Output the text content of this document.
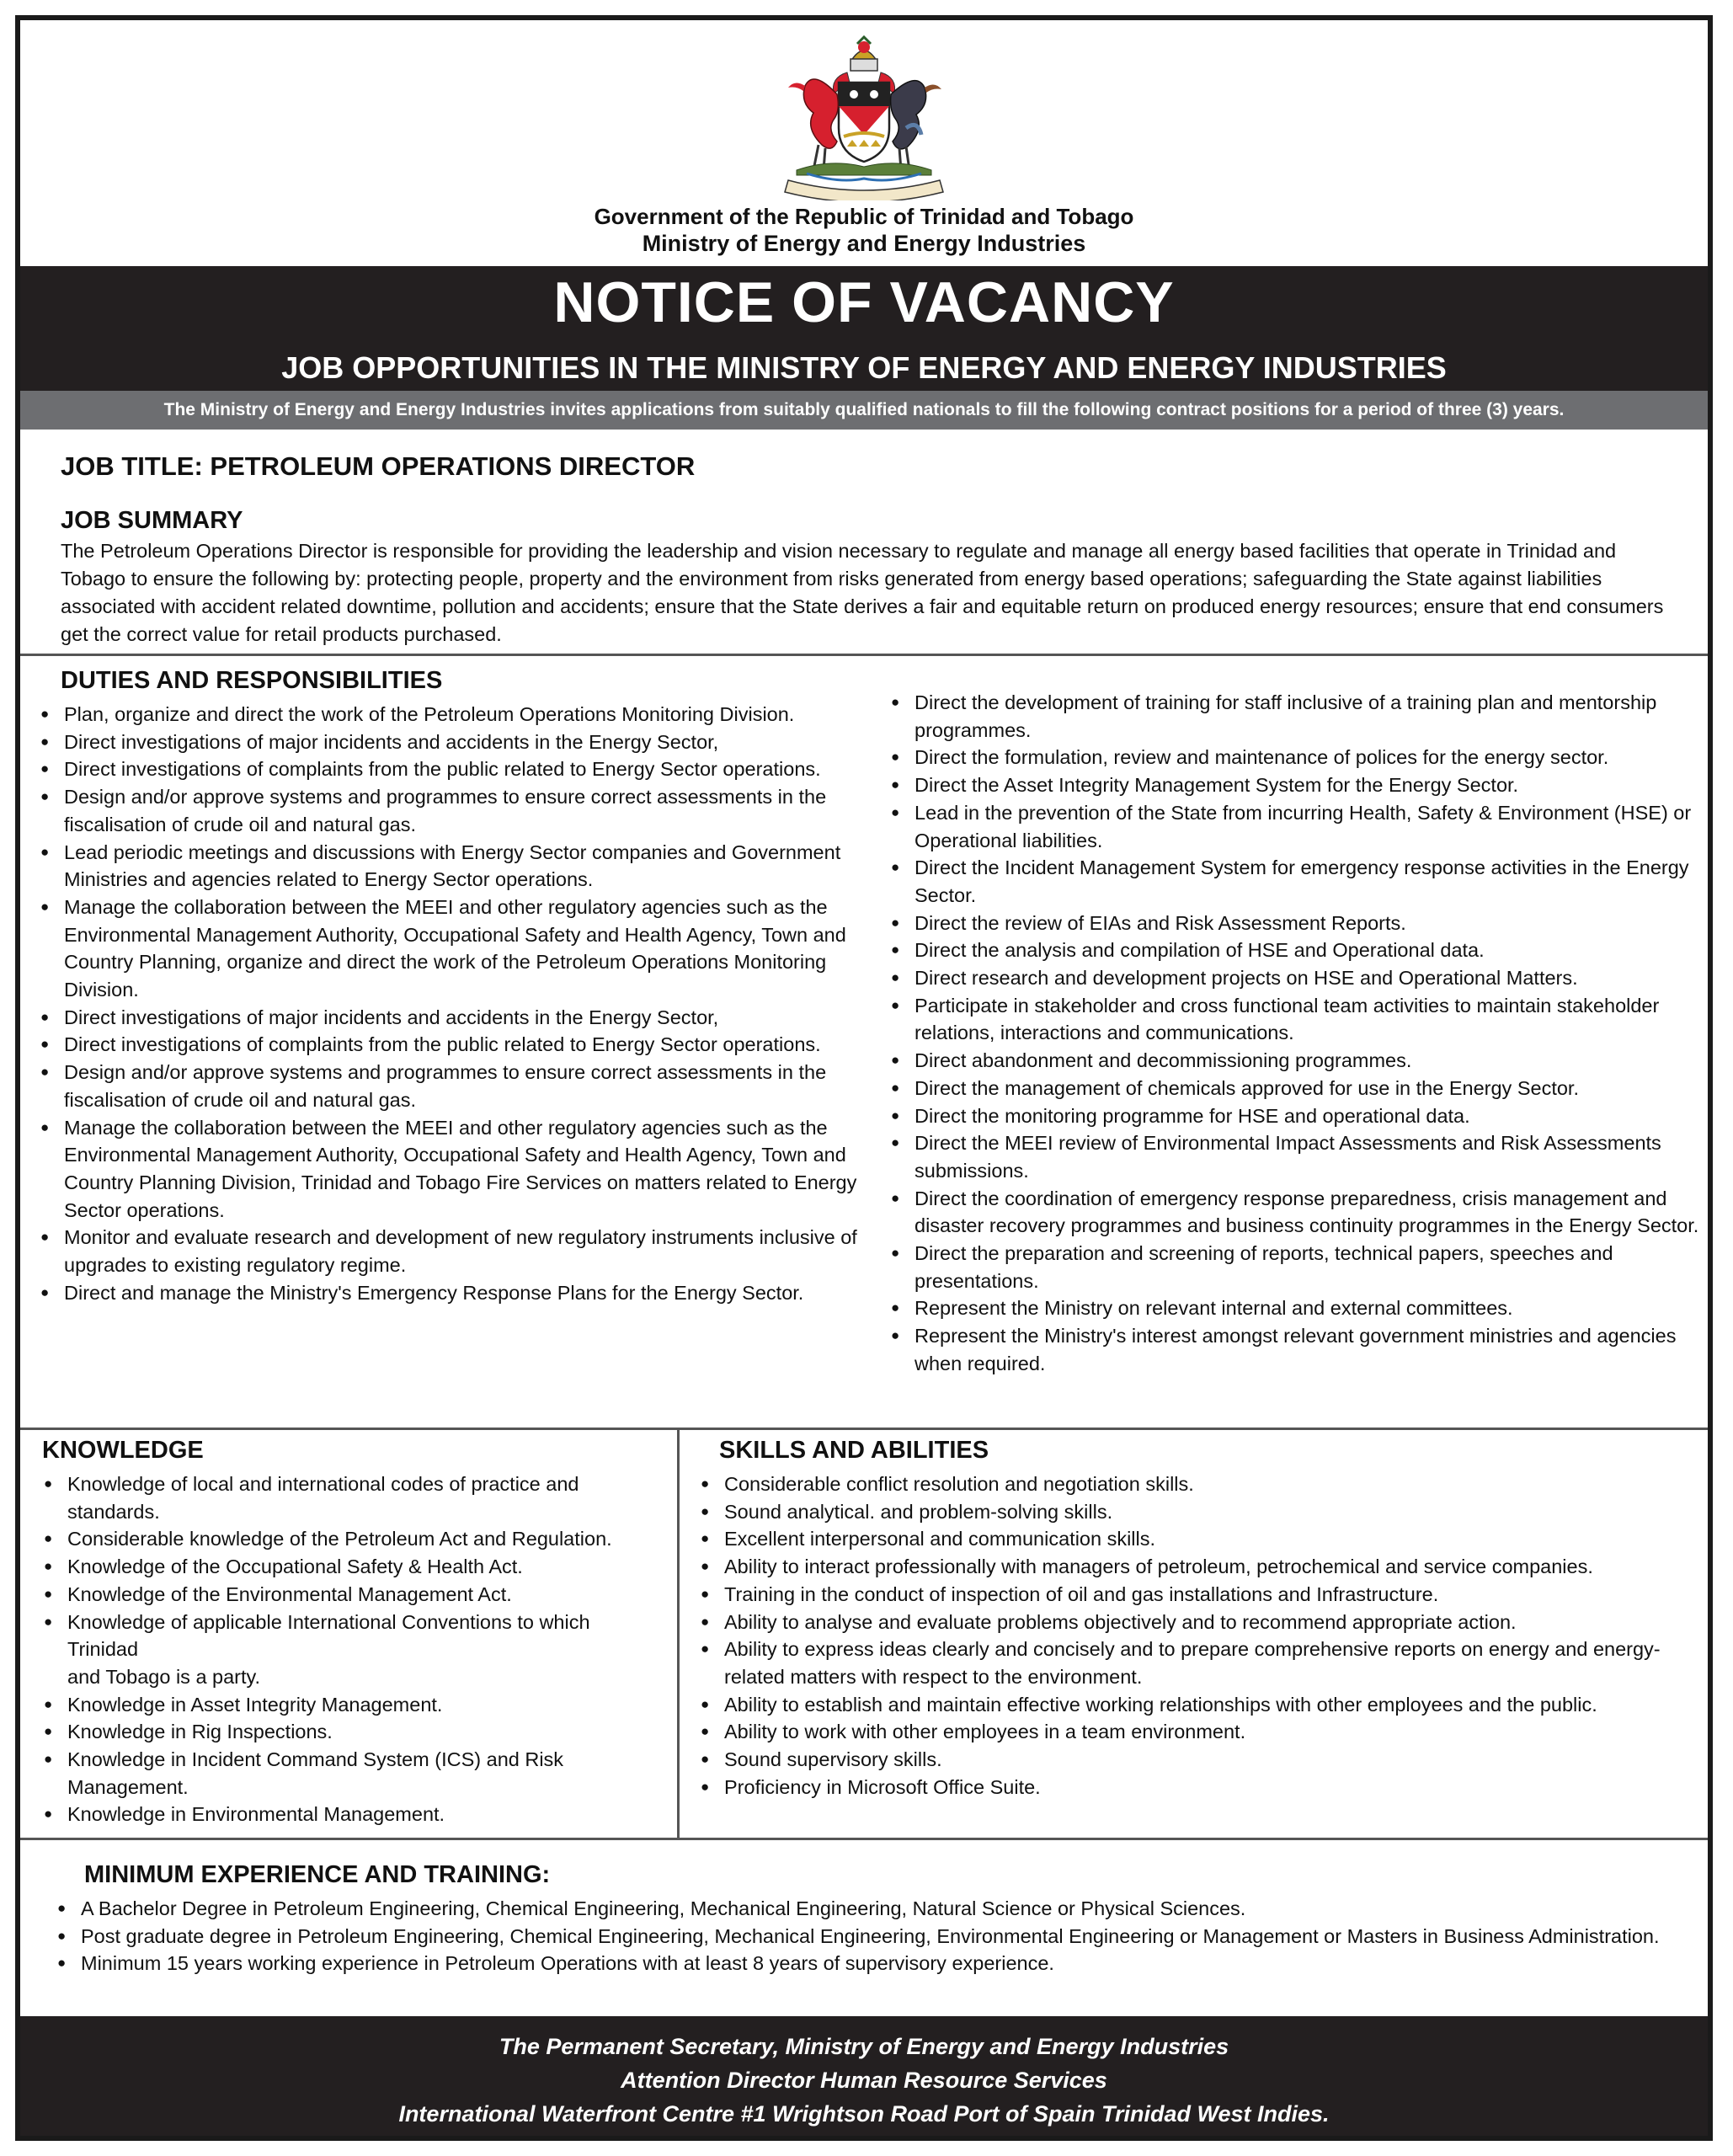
Government of the Republic of Trinidad and Tobago
Ministry of Energy and Energy Industries
NOTICE OF VACANCY
JOB OPPORTUNITIES IN THE MINISTRY OF ENERGY AND ENERGY INDUSTRIES
The Ministry of Energy and Energy Industries invites applications from suitably qualified nationals to fill the following contract positions for a period of three (3) years.
JOB TITLE: PETROLEUM OPERATIONS DIRECTOR
JOB SUMMARY

The Petroleum Operations Director is responsible for providing the leadership and vision necessary to regulate and manage all energy based facilities that operate in Trinidad and Tobago to ensure the following by: protecting people, property and the environment from risks generated from energy based operations; safeguarding the State against liabilities associated with accident related downtime, pollution and accidents; ensure that the State derives a fair and equitable return on produced energy resources; ensure that end consumers get the correct value for retail products purchased.

DUTIES AND RESPONSIBILITIES
● Plan, organize and direct the work of the Petroleum Operations Monitoring Division.
● Direct investigations of major incidents and accidents in the Energy Sector,
● Direct investigations of complaints from the public related to Energy Sector operations.
● Design and/or approve systems and programmes to ensure correct assessments in the fiscalisation of crude oil and natural gas.
● Lead periodic meetings and discussions with Energy Sector companies and Government Ministries and agencies related to Energy Sector operations.
● Manage the collaboration between the MEEI and other regulatory agencies such as the Environmental Management Authority, Occupational Safety and Health Agency, Town and Country Planning, organize and direct the work of the Petroleum Operations Monitoring Division.
● Direct investigations of major incidents and accidents in the Energy Sector,
● Direct investigations of complaints from the public related to Energy Sector operations.
● Design and/or approve systems and programmes to ensure correct assessments in the fiscalisation of crude oil and natural gas.
● Manage the collaboration between the MEEI and other regulatory agencies such as the Environmental Management Authority, Occupational Safety and Health Agency, Town and Country Planning Division, Trinidad and Tobago Fire Services on matters related to Energy Sector operations.
● Monitor and evaluate research and development of new regulatory instruments inclusive of upgrades to existing regulatory regime.
● Direct and manage the Ministry's Emergency Response Plans for the Energy Sector.
● Direct the development of training for staff inclusive of a training plan and mentorship programmes.
● Direct the formulation, review and maintenance of polices for the energy sector.
● Direct the Asset Integrity Management System for the Energy Sector.
● Lead in the prevention of the State from incurring Health, Safety & Environment (HSE) or Operational liabilities.
● Direct the Incident Management System for emergency response activities in the Energy Sector.
● Direct the review of EIAs and Risk Assessment Reports.
● Direct the analysis and compilation of HSE and Operational data.
● Direct research and development projects on HSE and Operational Matters.
● Participate in stakeholder and cross functional team activities to maintain stakeholder relations, interactions and communications.
● Direct abandonment and decommissioning programmes.
● Direct the management of chemicals approved for use in the Energy Sector.
● Direct the monitoring programme for HSE and operational data.
● Direct the MEEI review of Environmental Impact Assessments and Risk Assessments submissions.
● Direct the coordination of emergency response preparedness, crisis management and disaster recovery programmes and business continuity programmes in the Energy Sector.
● Direct the preparation and screening of reports, technical papers, speeches and presentations.
● Represent the Ministry on relevant internal and external committees.
● Represent the Ministry's interest amongst relevant government ministries and agencies when required.
KNOWLEDGE
● Knowledge of local and international codes of practice and standards.
● Considerable knowledge of the Petroleum Act and Regulation.
● Knowledge of the Occupational Safety & Health Act.
● Knowledge of the Environmental Management Act.
● Knowledge of applicable International Conventions to which Trinidad
and Tobago is a party.
● Knowledge in Asset Integrity Management.
● Knowledge in Rig Inspections.
● Knowledge in Incident Command System (ICS) and Risk Management.
● Knowledge in Environmental Management.
SKILLS AND ABILITIES
● Considerable conflict resolution and negotiation skills.
● Sound analytical. and problem-solving skills.
● Excellent interpersonal and communication skills.
● Ability to interact professionally with managers of petroleum, petrochemical and service companies.
● Training in the conduct of inspection of oil and gas installations and Infrastructure.
● Ability to analyse and evaluate problems objectively and to recommend appropriate action.
● Ability to express ideas clearly and concisely and to prepare comprehensive reports on energy and energy-related matters with respect to the environment.
● Ability to establish and maintain effective working relationships with other employees and the public.
● Ability to work with other employees in a team environment.
● Sound supervisory skills.
● Proficiency in Microsoft Office Suite.
MINIMUM EXPERIENCE AND TRAINING:
● A Bachelor Degree in Petroleum Engineering, Chemical Engineering, Mechanical Engineering, Natural Science or Physical Sciences.
● Post graduate degree in Petroleum Engineering, Chemical Engineering, Mechanical Engineering, Environmental Engineering or Management or Masters in Business Administration.
● Minimum 15 years working experience in Petroleum Operations with at least 8 years of supervisory experience.
The Permanent Secretary, Ministry of Energy and Energy Industries
Attention Director Human Resource Services
International Waterfront Centre #1 Wrightson Road Port of Spain Trinidad West Indies.
